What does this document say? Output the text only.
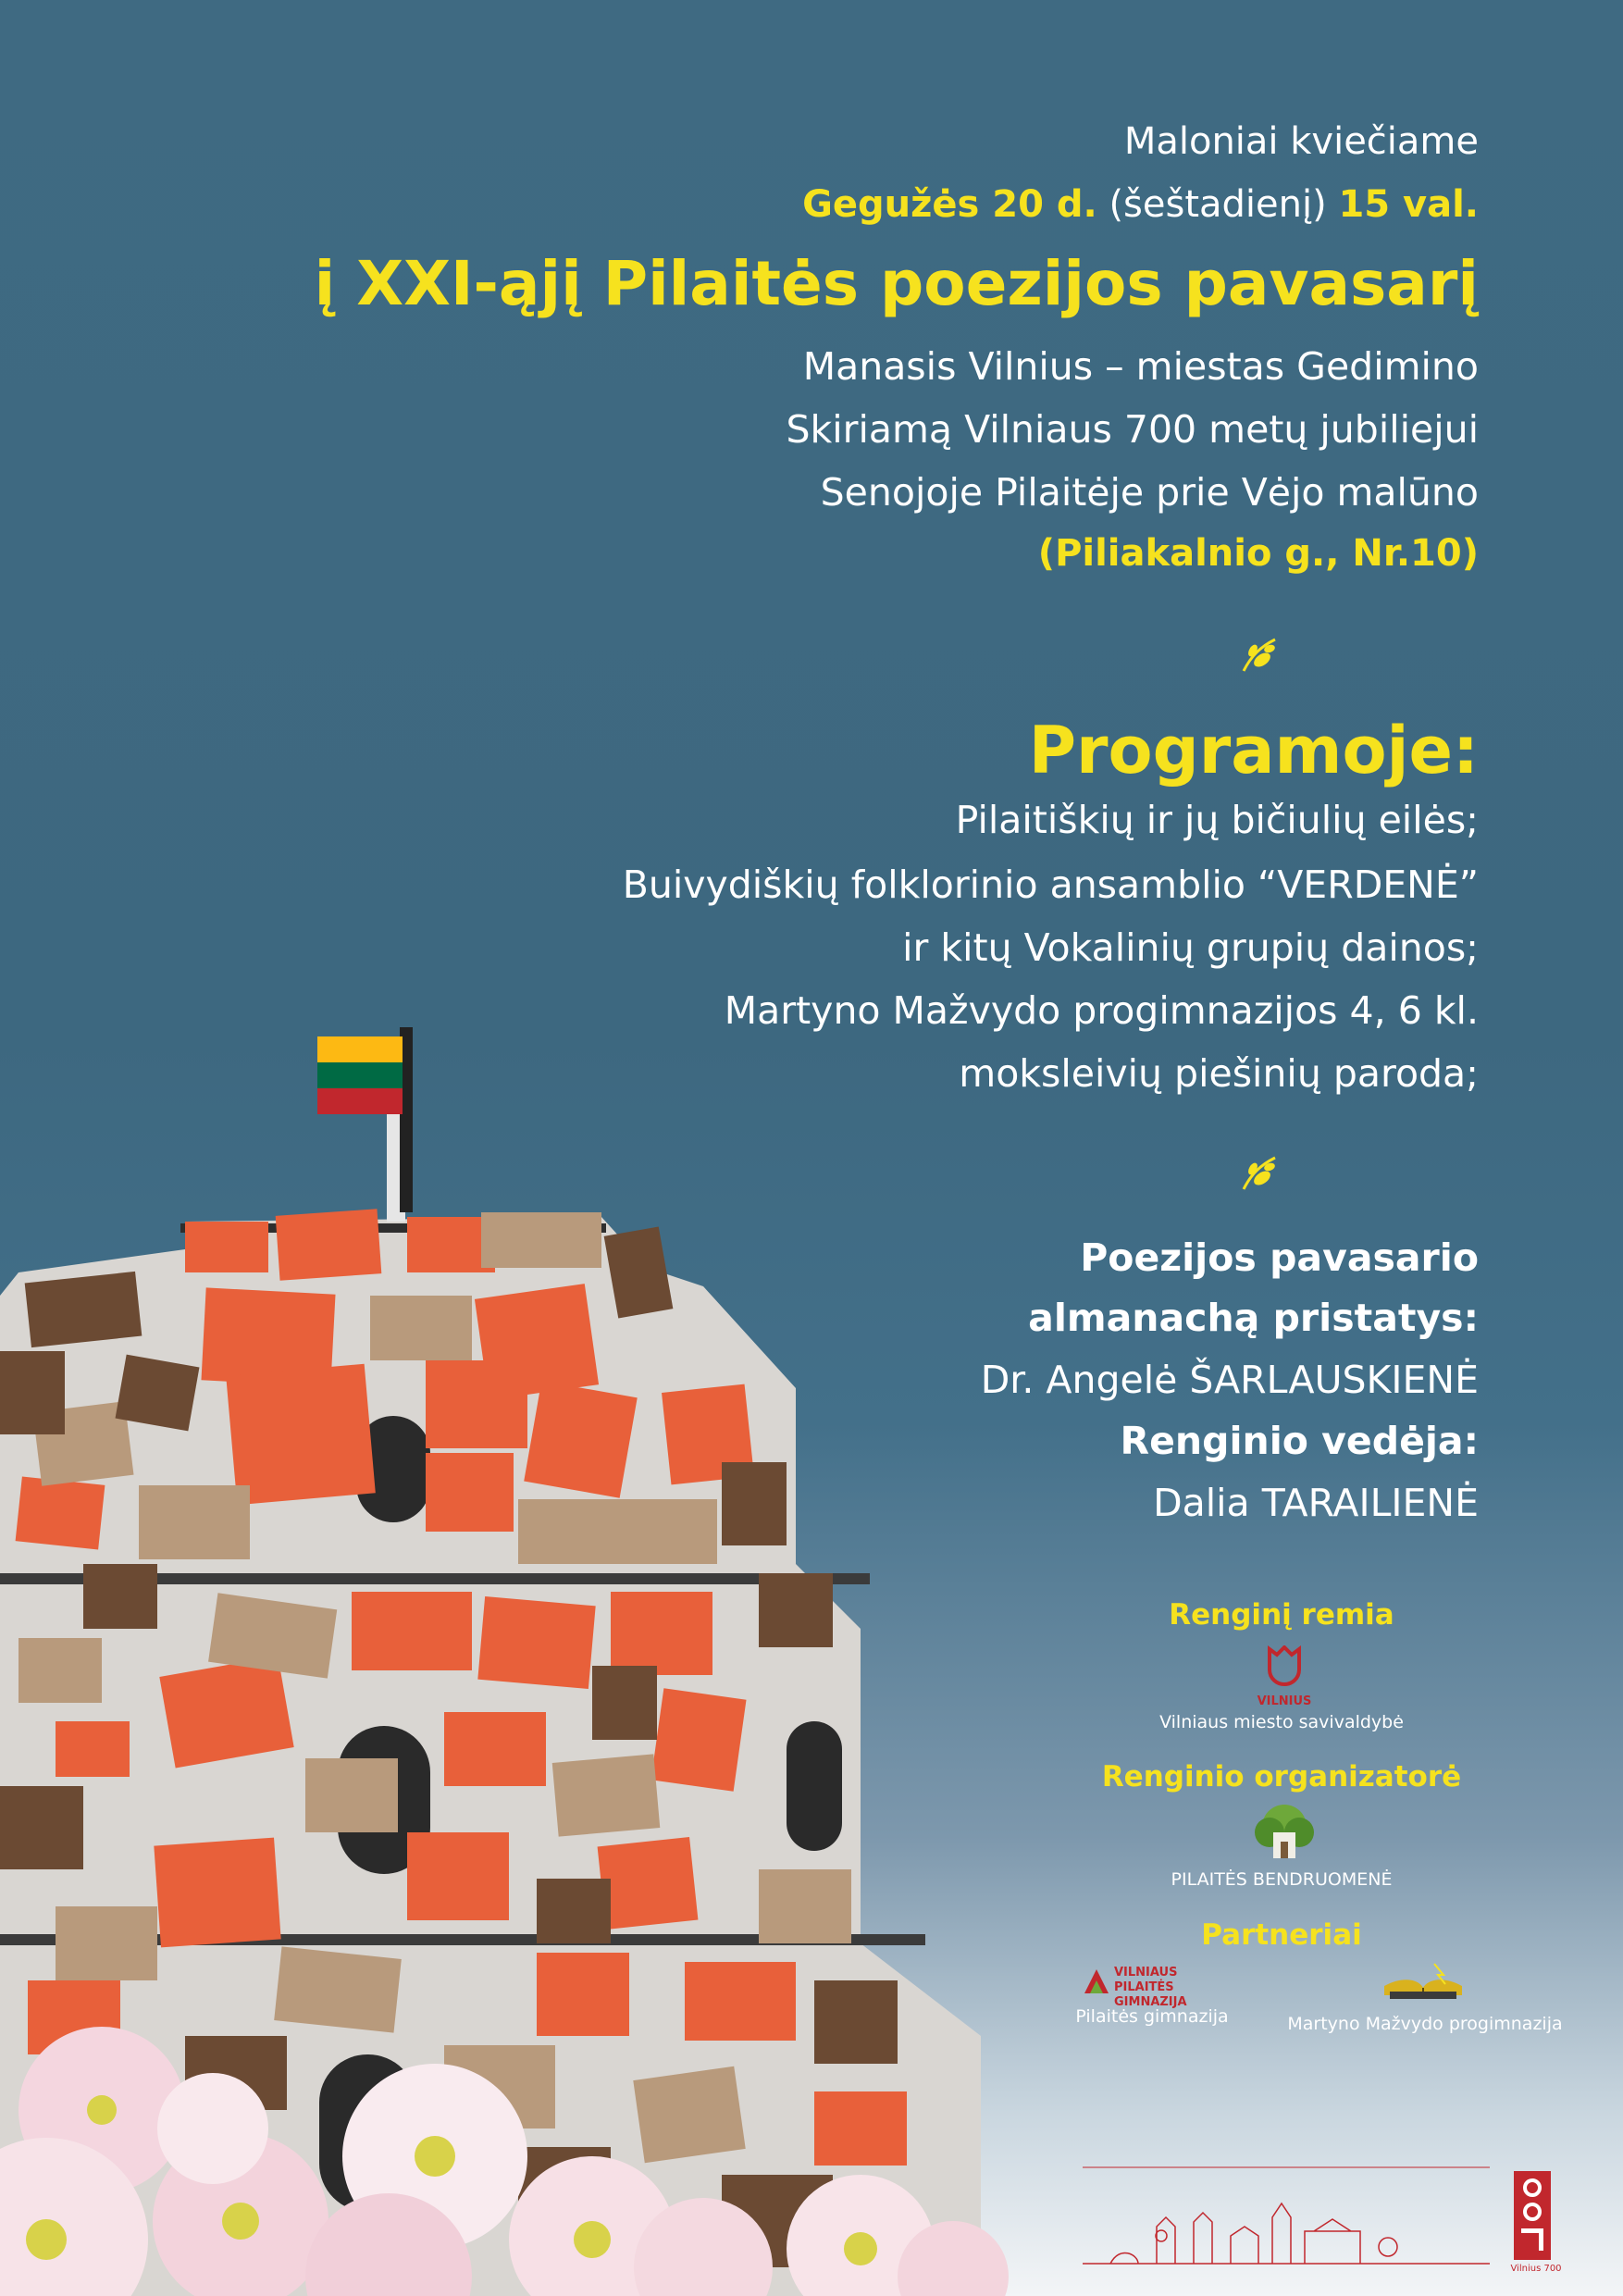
Maloniai kviečiame
Gegužės 20 d. (šeštadienį) 15 val.
į XXI-ąjį Pilaitės poezijos pavasarį
Manasis Vilnius – miestas Gedimino
Skiriamą Vilniaus 700 metų jubiliejui
Senojoje Pilaitėje prie Vėjo malūno
(Piliakalnio g., Nr.10)
Programoje:
Pilaitiškių ir jų bičiulių eilės;
Buivydiškių folklorinio ansamblio “VERDENĖ”
ir kitų Vokalinių grupių dainos;
Martyno Mažvydo progimnazijos 4, 6 kl.
moksleivių piešinių paroda;
Poezijos pavasario
almanachą pristatys:
Dr. Angelė ŠARLAUSKIENĖ
Renginio vedėja:
Dalia TARAILIENĖ
Renginį remia
VILNIUS
Vilniaus miesto savivaldybė
Renginio organizatorė
PILAITĖS BENDRUOMENĖ
Partneriai
VILNIAUS PILAITĖS GIMNAZIJA
Pilaitės gimnazija	Martyno Mažvydo progimnazija
Vilnius 700
